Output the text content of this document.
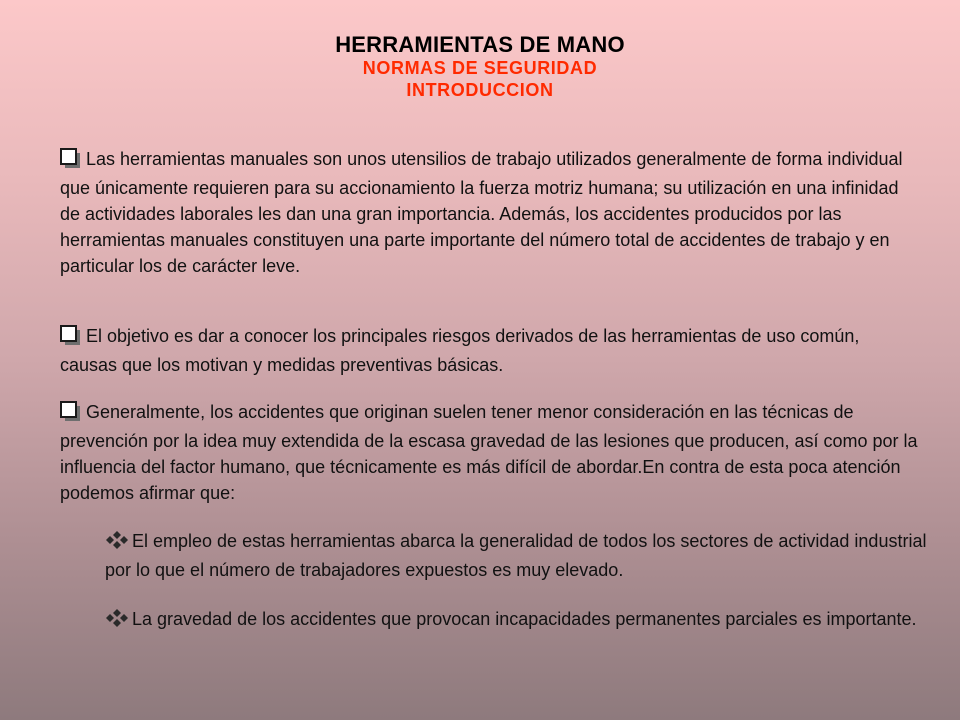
HERRAMIENTAS DE MANO
NORMAS DE SEGURIDAD
INTRODUCCION
Las herramientas manuales son unos utensilios de trabajo utilizados generalmente de forma individual que únicamente requieren para su accionamiento la fuerza motriz humana; su utilización en una infinidad de actividades laborales les dan una gran importancia. Además, los accidentes producidos por las herramientas manuales constituyen una parte importante del número total de accidentes de trabajo y en particular los de carácter leve.
El objetivo es dar a conocer los principales riesgos derivados de las herramientas de uso común, causas que los motivan y medidas preventivas básicas.
Generalmente, los accidentes que originan suelen tener menor consideración en las técnicas de prevención por la idea muy extendida de la escasa gravedad de las lesiones que producen, así como por la influencia del factor humano, que técnicamente es más difícil de abordar.En contra de esta poca atención podemos afirmar que:
El empleo de estas herramientas abarca la generalidad de todos los sectores de actividad industrial por lo que el número de trabajadores expuestos es muy elevado.
La gravedad de los accidentes que provocan incapacidades permanentes parciales es importante.
